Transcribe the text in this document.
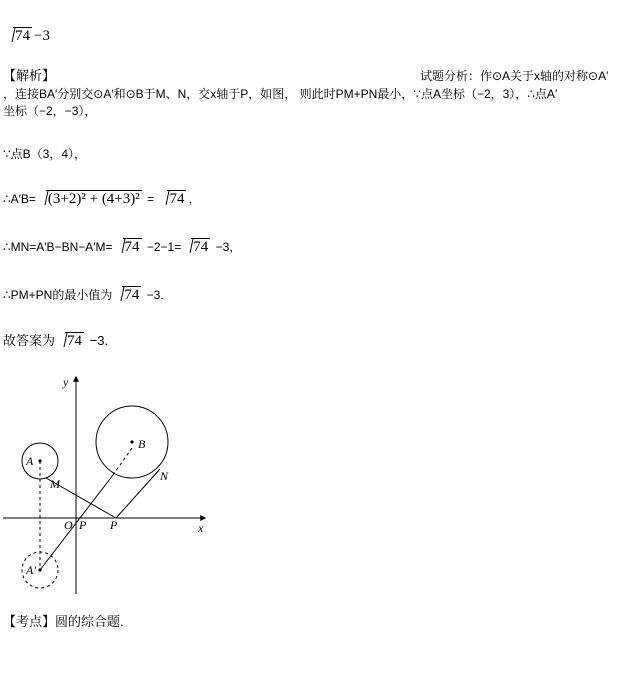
74 −3
【解析】	试题分析：作⊙A关于x轴的对称⊙A′
，连接BA′分别交⊙A′和⊙B于M、N，交x轴于P，如图， 则此时PM+PN最小，∵点A坐标（−2，3），∴点A′
坐标（−2，−3），
∵点B（3，4），
∴A′B= (3+2)² + (4+3)² = 74 ，
∴MN=A′B−BN−A′M= 74 −2−1= 74 −3，
∴PM+PN的最小值为 74 −3.
故答案为 74 −3.
y
x
A
B
M
N
O P P
A′
【考点】圆的综合题.
